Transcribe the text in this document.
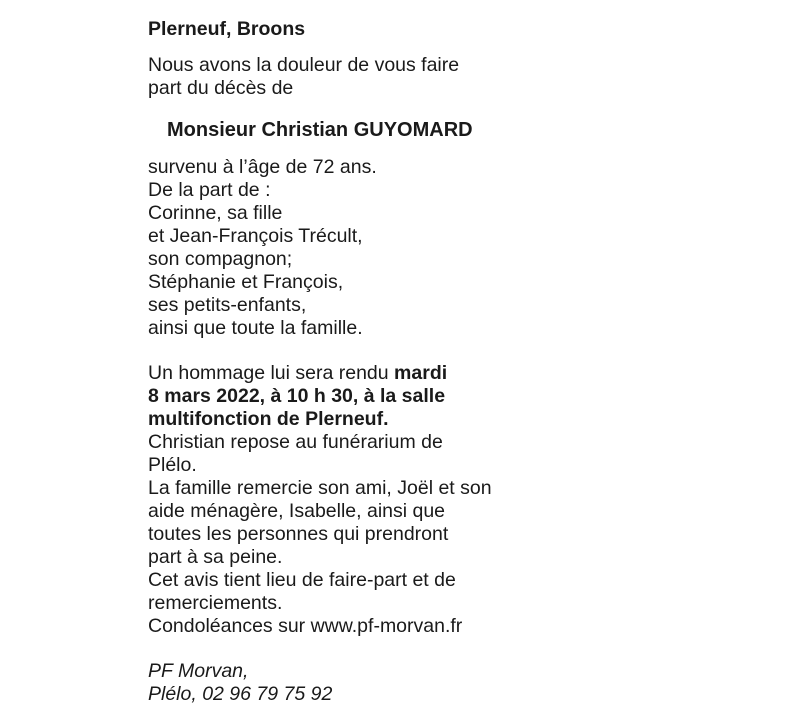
Plerneuf, Broons
Nous avons la douleur de vous faire
part du décès de
Monsieur Christian GUYOMARD
survenu à l’âge de 72 ans.
De la part de :
Corinne, sa fille
et Jean-François Trécult,
son compagnon;
Stéphanie et François,
ses petits-enfants,
ainsi que toute la famille.
Un hommage lui sera rendu mardi
8 mars 2022, à 10 h 30, à la salle
multifonction de Plerneuf.
Christian repose au funérarium de
Plélo.
La famille remercie son ami, Joël et son
aide ménagère, Isabelle, ainsi que
toutes les personnes qui prendront
part à sa peine.
Cet avis tient lieu de faire-part et de
remerciements.
Condoléances sur www.pf-morvan.fr
PF Morvan,
Plélo, 02 96 79 75 92
